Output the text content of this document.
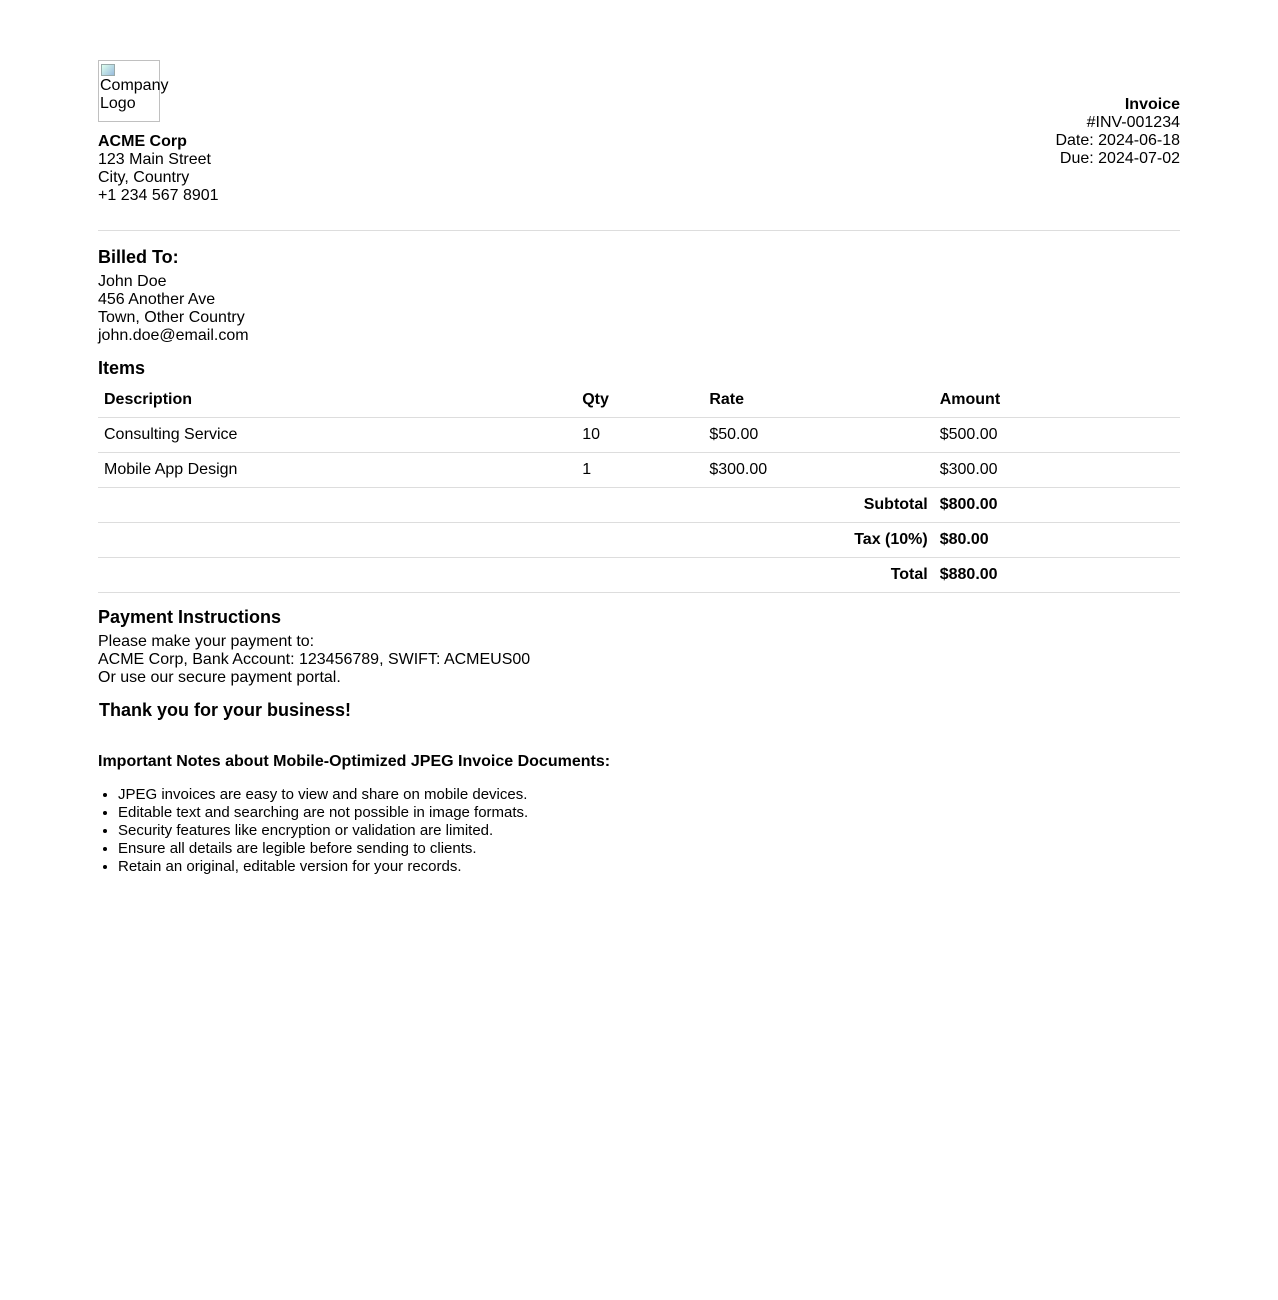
Company Logo
ACME Corp
123 Main Street
City, Country
+1 234 567 8901
Invoice
#INV-001234
Date: 2024-06-18
Due: 2024-07-02
Billed To:
John Doe
456 Another Ave
Town, Other Country
john.doe@email.com
Items
Description	Qty	Rate	Amount
Consulting Service	10	$50.00	$500.00
Mobile App Design	1	$300.00	$300.00
Subtotal			$800.00
Tax (10%)			$80.00
Total			$880.00
Payment Instructions
Please make your payment to:
ACME Corp, Bank Account: 123456789, SWIFT: ACMEUS00
Or use our secure payment portal.
Thank you for your business!
Important Notes about Mobile-Optimized JPEG Invoice Documents:
• JPEG invoices are easy to view and share on mobile devices.
• Editable text and searching are not possible in image formats.
• Security features like encryption or validation are limited.
• Ensure all details are legible before sending to clients.
• Retain an original, editable version for your records.
